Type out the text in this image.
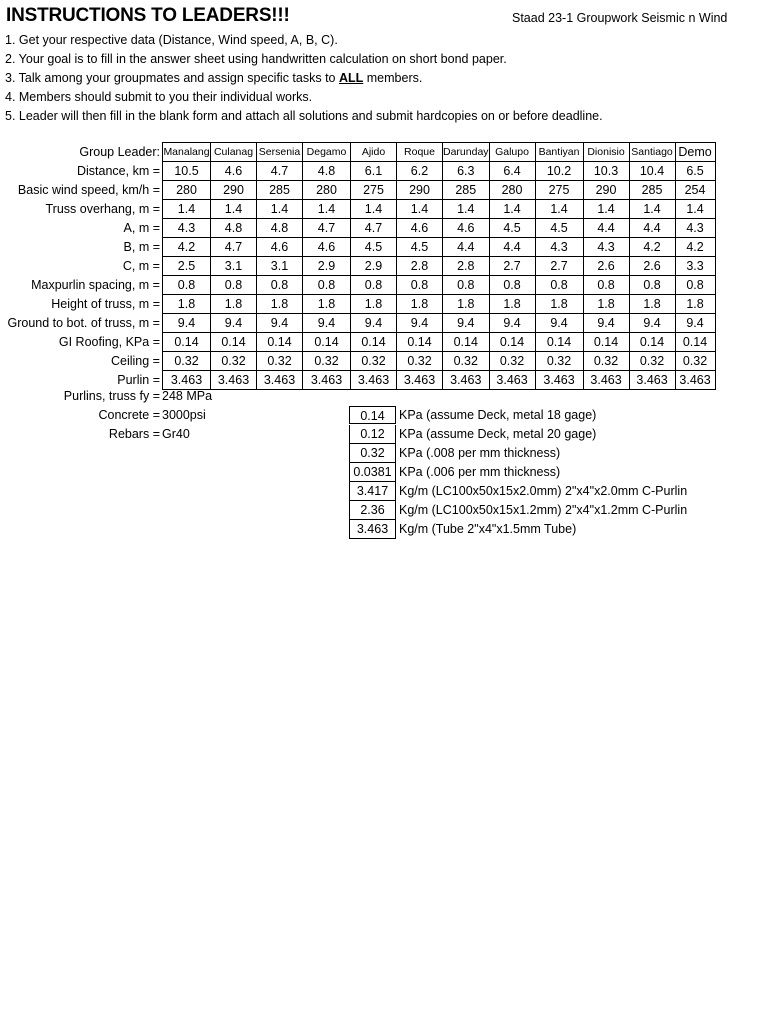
INSTRUCTIONS TO LEADERS!!!	Staad 23-1 Groupwork Seismic n Wind
1. Get your respective data (Distance, Wind speed, A, B, C).
2. Your goal is to fill in the answer sheet using handwritten calculation on short bond paper.
3. Talk among your groupmates and assign specific tasks to ALL members.
4. Members should submit to you their individual works.
5. Leader will then fill in the blank form and attach all solutions and submit hardcopies on or before deadline.
Group Leader:	Manalang	Culanag	Sersenia	Degamo	Ajido	Roque	Darunday	Galupo	Bantiyan	Dionisio	Santiago	Demo
Distance, km =	10.5	4.6	4.7	4.8	6.1	6.2	6.3	6.4	10.2	10.3	10.4	6.5
Basic wind speed, km/h =	280	290	285	280	275	290	285	280	275	290	285	254
Truss overhang, m =	1.4	1.4	1.4	1.4	1.4	1.4	1.4	1.4	1.4	1.4	1.4	1.4
A, m =	4.3	4.8	4.8	4.7	4.7	4.6	4.6	4.5	4.5	4.4	4.4	4.3
B, m =	4.2	4.7	4.6	4.6	4.5	4.5	4.4	4.4	4.3	4.3	4.2	4.2
C, m =	2.5	3.1	3.1	2.9	2.9	2.8	2.8	2.7	2.7	2.6	2.6	3.3
Maxpurlin spacing, m =	0.8	0.8	0.8	0.8	0.8	0.8	0.8	0.8	0.8	0.8	0.8	0.8
Height of truss, m =	1.8	1.8	1.8	1.8	1.8	1.8	1.8	1.8	1.8	1.8	1.8	1.8
Ground to bot. of truss, m =	9.4	9.4	9.4	9.4	9.4	9.4	9.4	9.4	9.4	9.4	9.4	9.4
GI Roofing, KPa =	0.14	0.14	0.14	0.14	0.14	0.14	0.14	0.14	0.14	0.14	0.14	0.14
Ceiling =	0.32	0.32	0.32	0.32	0.32	0.32	0.32	0.32	0.32	0.32	0.32	0.32
Purlin =	3.463	3.463	3.463	3.463	3.463	3.463	3.463	3.463	3.463	3.463	3.463	3.463
Purlins, truss fy = 248 MPa
Concrete = 3000psi
Rebars = Gr40
0.14	KPa (assume Deck, metal 18 gage)
0.12	KPa (assume Deck, metal 20 gage)
0.32	KPa (.008 per mm thickness)
0.0381 KPa (.006 per mm thickness)
3.417 Kg/m (LC100x50x15x2.0mm) 2"x4"x2.0mm C-Purlin
2.36	Kg/m (LC100x50x15x1.2mm) 2"x4"x1.2mm C-Purlin
3.463 Kg/m (Tube 2"x4"x1.5mm Tube)
